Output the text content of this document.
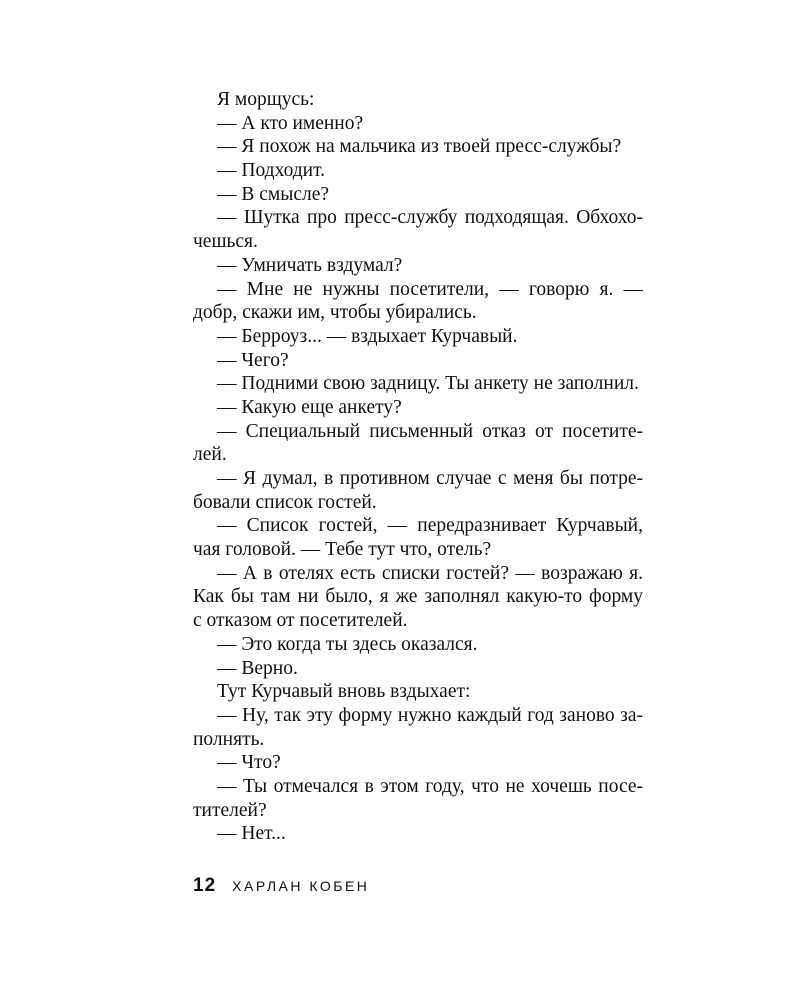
Я морщусь:
— А кто именно?
— Я похож на мальчика из твоей пресс-службы?
— Подходит.
— В смысле?
— Шутка про пресс-службу подходящая. Обхохо-
чешься.
— Умничать вздумал?
— Мне не нужны посетители, — говорю я. —
добр, скажи им, чтобы убирались.
— Берроуз... — вздыхает Курчавый.
— Чего?
— Подними свою задницу. Ты анкету не заполнил.
— Какую еще анкету?
— Специальный письменный отказ от посетите-
лей.
— Я думал, в противном случае с меня бы потре-
бовали список гостей.
— Список гостей, — передразнивает Курчавый,
чая головой. — Тебе тут что, отель?
— А в отелях есть списки гостей? — возражаю я.
Как бы там ни было, я же заполнял какую-то форму
с отказом от посетителей.
— Это когда ты здесь оказался.
— Верно.
Тут Курчавый вновь вздыхает:
— Ну, так эту форму нужно каждый год заново за-
полнять.
— Что?
— Ты отмечался в этом году, что не хочешь посе-
тителей?
— Нет...
12 ХАРЛАН КОБЕН
